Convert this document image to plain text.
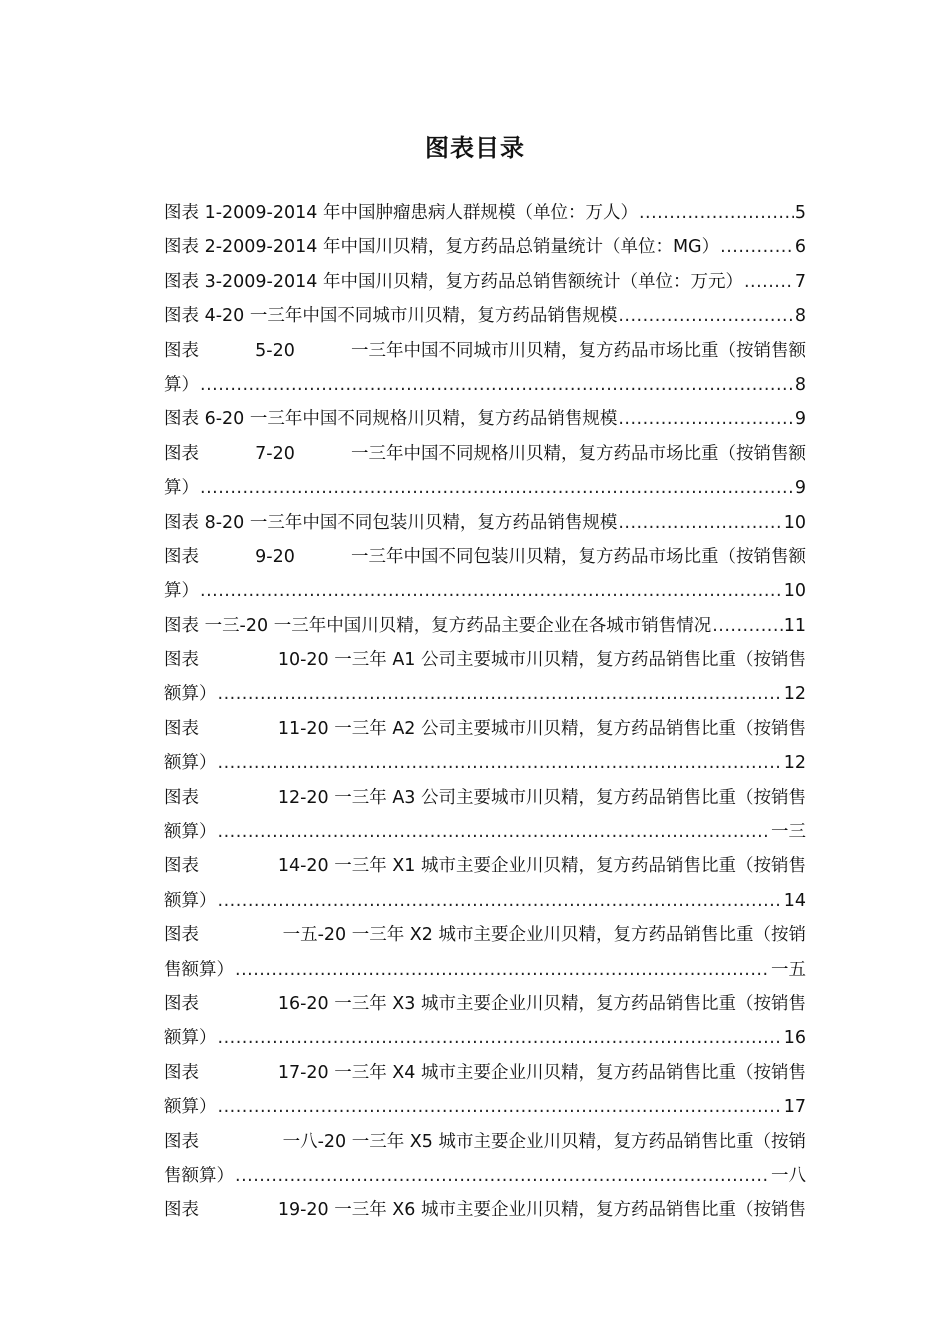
图表目录
图表 1-2009-2014 年中国肿瘤患病人群规模（单位：万人） .....	5
图表 2-2009-2014 年中国川贝精，复方药品总销量统计（单位：MG） .....	6
图表 3-2009-2014 年中国川贝精，复方药品总销售额统计（单位：万元） .....	7
图表 4-20 一三年中国不同城市川贝精，复方药品销售规模 .....	8
图表	5-20	一三年中国不同城市川贝精，复方药品市场比重（按销售额
算） .....	8
图表 6-20 一三年中国不同规格川贝精，复方药品销售规模 .....	9
图表	7-20	一三年中国不同规格川贝精，复方药品市场比重（按销售额
算） .....	9
图表 8-20 一三年中国不同包装川贝精，复方药品销售规模 .....	10
图表	9-20	一三年中国不同包装川贝精，复方药品市场比重（按销售额
算） .....	10
图表 一三-20 一三年中国川贝精，复方药品主要企业在各城市销售情况 .....	11
图表	10-20 一三年 A1 公司主要城市川贝精，复方药品销售比重（按销售
额算） .....	12
图表	11-20 一三年 A2 公司主要城市川贝精，复方药品销售比重（按销售
额算） .....	12
图表	12-20 一三年 A3 公司主要城市川贝精，复方药品销售比重（按销售
额算） .....	一三
图表	14-20 一三年 X1 城市主要企业川贝精，复方药品销售比重（按销售
额算） .....	14
图表	一五-20 一三年 X2 城市主要企业川贝精，复方药品销售比重（按销
售额算） .....	一五
图表	16-20 一三年 X3 城市主要企业川贝精，复方药品销售比重（按销售
额算） .....	16
图表	17-20 一三年 X4 城市主要企业川贝精，复方药品销售比重（按销售
额算） .....	17
图表	一八-20 一三年 X5 城市主要企业川贝精，复方药品销售比重（按销
售额算） .....	一八
图表	19-20 一三年 X6 城市主要企业川贝精，复方药品销售比重（按销售
